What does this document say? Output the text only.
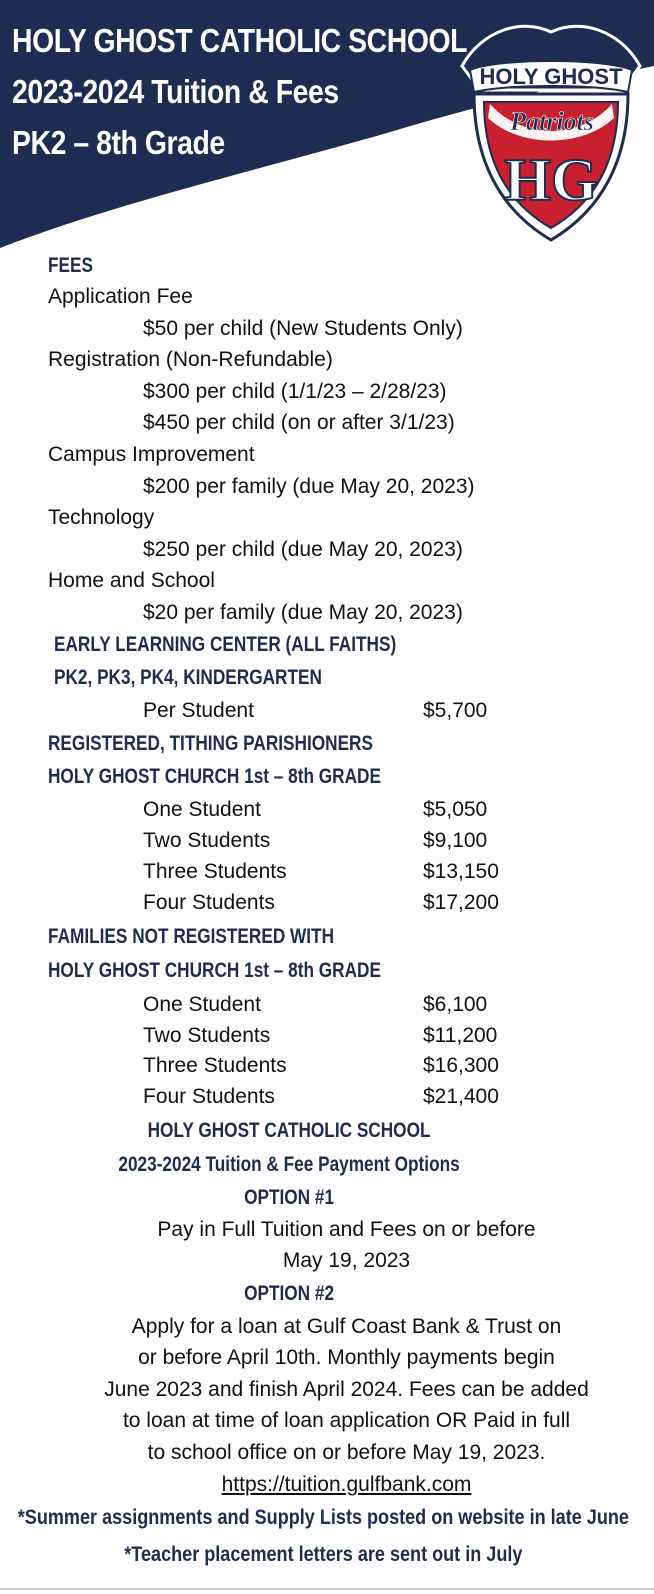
HOLY GHOST CATHOLIC SCHOOL
2023-2024 Tuition & Fees
PK2 – 8th Grade
HOLY GHOST
Patriots
HG
FEES
Application Fee
$50 per child (New Students Only)
Registration (Non-Refundable)
$300 per child (1/1/23 – 2/28/23)
$450 per child (on or after 3/1/23)
Campus Improvement
$200 per family (due May 20, 2023)
Technology
$250 per child (due May 20, 2023)
Home and School
$20 per family (due May 20, 2023)
EARLY LEARNING CENTER (ALL FAITHS)
PK2, PK3, PK4, KINDERGARTEN
Per Student	$5,700
REGISTERED, TITHING PARISHIONERS
HOLY GHOST CHURCH 1st – 8th GRADE
One Student	$5,050
Two Students	$9,100
Three Students	$13,150
Four Students	$17,200
FAMILIES NOT REGISTERED WITH
HOLY GHOST CHURCH 1st – 8th GRADE
One Student	$6,100
Two Students	$11,200
Three Students	$16,300
Four Students	$21,400
HOLY GHOST CATHOLIC SCHOOL
2023-2024 Tuition & Fee Payment Options
OPTION #1
Pay in Full Tuition and Fees on or before
May 19, 2023
OPTION #2
Apply for a loan at Gulf Coast Bank & Trust on
or before April 10th. Monthly payments begin
June 2023 and finish April 2024. Fees can be added
to loan at time of loan application OR Paid in full
to school office on or before May 19, 2023.
https://tuition.gulfbank.com
*Summer assignments and Supply Lists posted on website in late June
*Teacher placement letters are sent out in July
